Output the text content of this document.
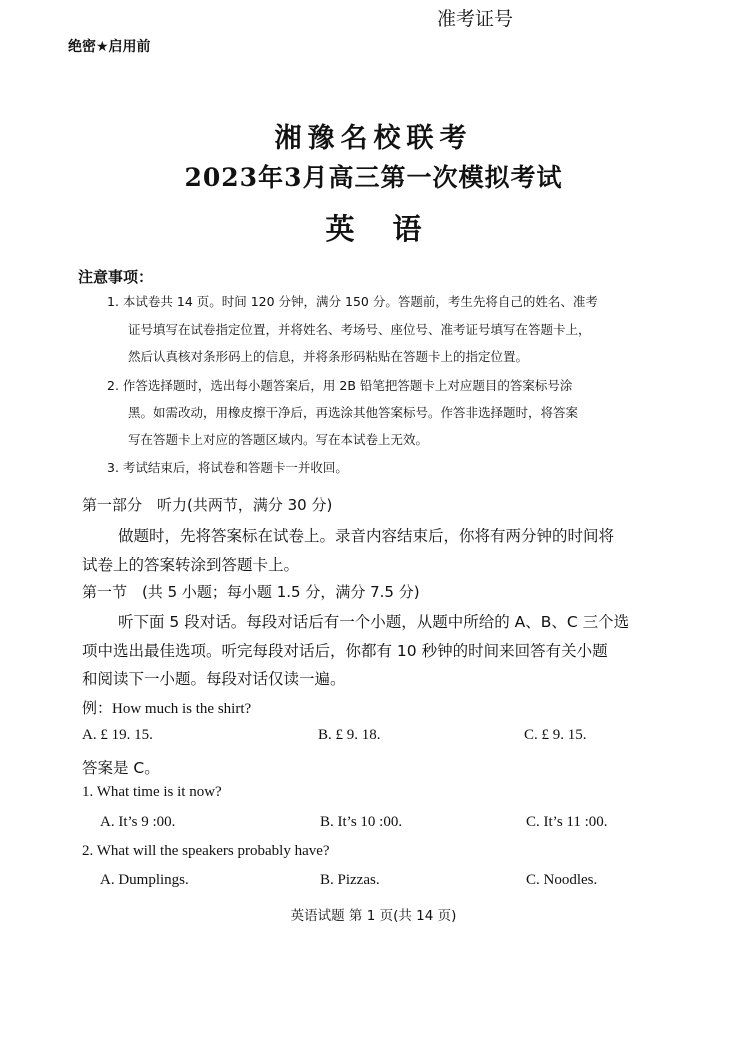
准考证号
绝密★启用前
湘豫名校联考
2023年3月高三第一次模拟考试
英语
注意事项：
1. 本试卷共 14 页。时间 120 分钟，满分 150 分。答题前，考生先将自己的姓名、准考
证号填写在试卷指定位置，并将姓名、考场号、座位号、准考证号填写在答题卡上，
然后认真核对条形码上的信息，并将条形码粘贴在答题卡上的指定位置。
2. 作答选择题时，选出每小题答案后，用 2B 铅笔把答题卡上对应题目的答案标号涂
黑。如需改动，用橡皮擦干净后，再选涂其他答案标号。作答非选择题时，将答案
写在答题卡上对应的答题区域内。写在本试卷上无效。
3. 考试结束后，将试卷和答题卡一并收回。
第一部分　听力(共两节，满分 30 分)
做题时，先将答案标在试卷上。录音内容结束后，你将有两分钟的时间将
试卷上的答案转涂到答题卡上。
第一节　(共 5 小题；每小题 1.5 分，满分 7.5 分)
听下面 5 段对话。每段对话后有一个小题，从题中所给的 A、B、C 三个选
项中选出最佳选项。听完每段对话后，你都有 10 秒钟的时间来回答有关小题
和阅读下一小题。每段对话仅读一遍。
例：How much is the shirt?
A. £ 19. 15.	B. £ 9. 18.	C. £ 9. 15.
答案是 C。
1. What time is it now?
A. It’s 9 :00.	B. It’s 10 :00.	C. It’s 11 :00.
2. What will the speakers probably have?
A. Dumplings.	B. Pizzas.	C. Noodles.
英语试题 第 1 页(共 14 页)
